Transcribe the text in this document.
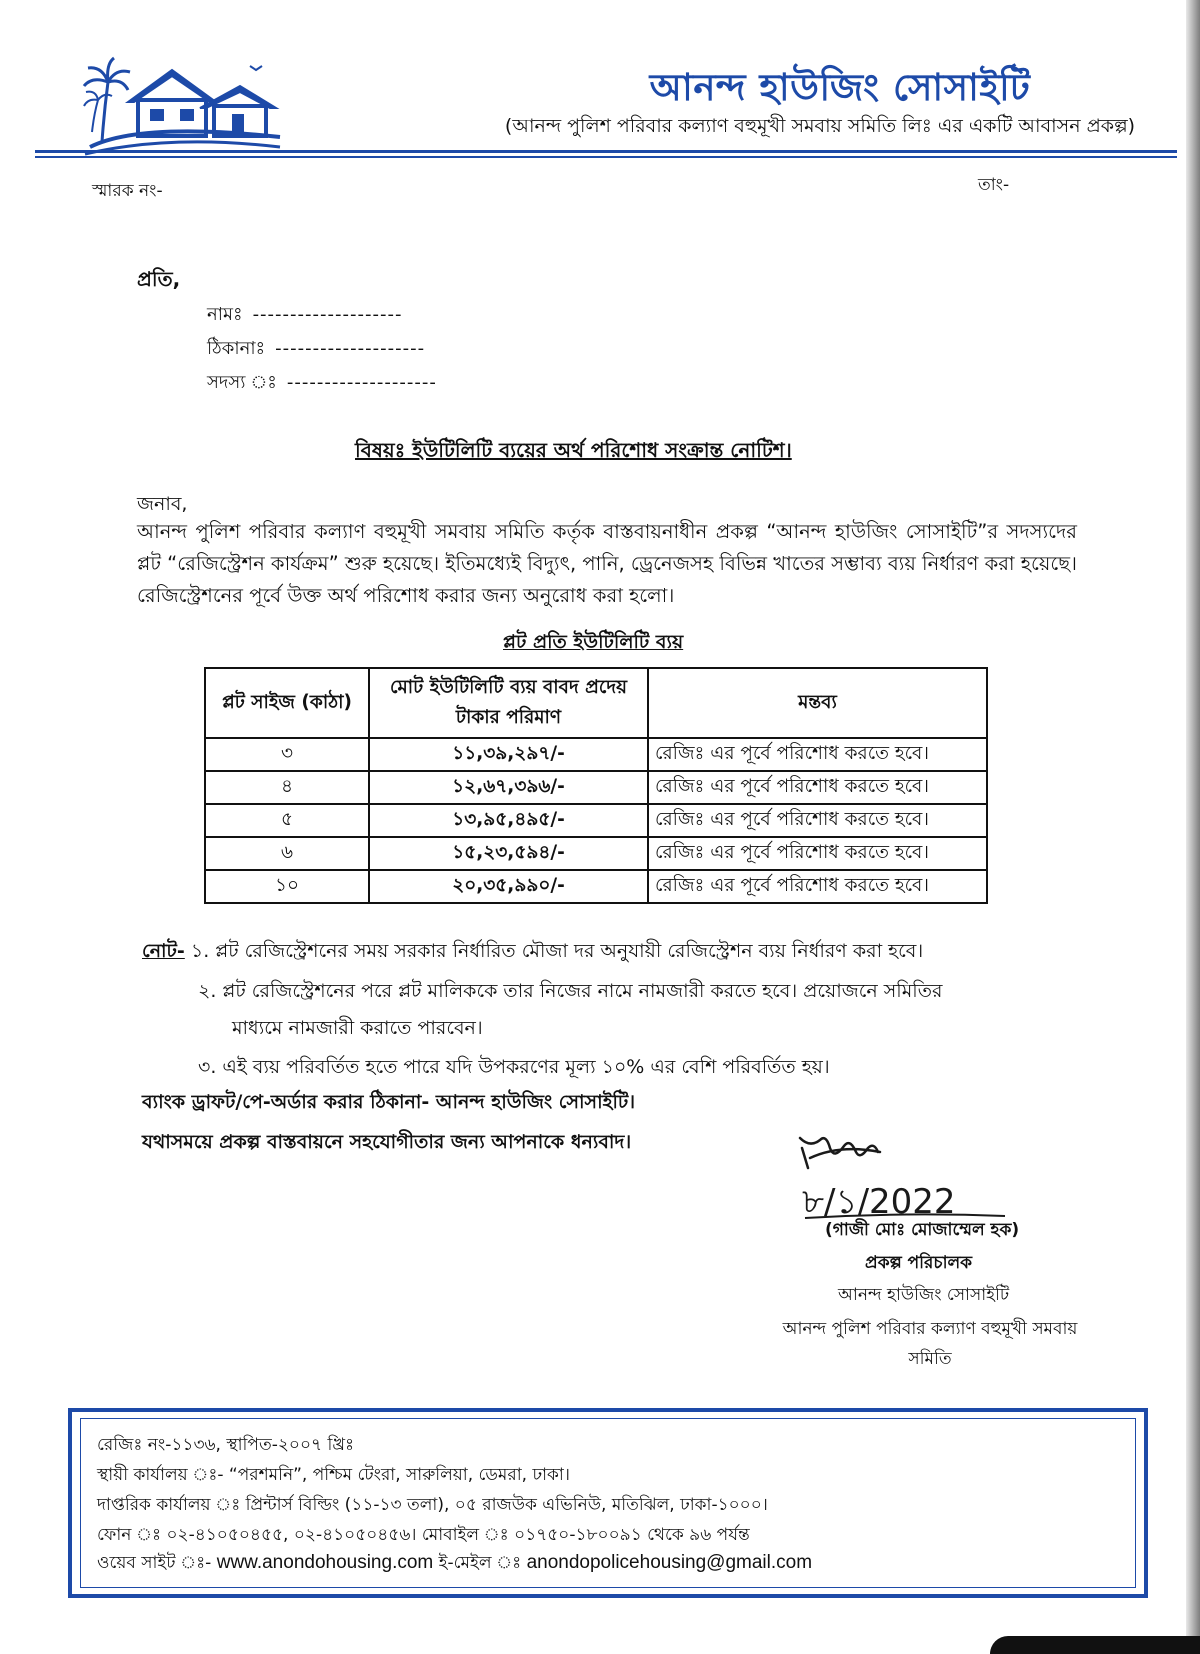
আনন্দ হাউজিং সোসাইটি
(আনন্দ পুলিশ পরিবার কল্যাণ বহুমূখী সমবায় সমিতি লিঃ এর একটি আবাসন প্রকল্প)
স্মারক নং-	তাং-
প্রতি,
নামঃ --------------------
ঠিকানাঃ --------------------
সদস্য ঃ --------------------
বিষয়ঃ ইউটিলিটি ব্যয়ের অর্থ পরিশোধ সংক্রান্ত নোটিশ।
জনাব,
আনন্দ পুলিশ পরিবার কল্যাণ বহুমূখী সমবায় সমিতি কর্তৃক বাস্তবায়নাধীন প্রকল্প “আনন্দ হাউজিং সোসাইটি”র সদস্যদের প্লট “রেজিস্ট্রেশন কার্যক্রম” শুরু হয়েছে। ইতিমধ্যেই বিদ্যুৎ, পানি, ড্রেনেজসহ বিভিন্ন খাতের সম্ভাব্য ব্যয় নির্ধারণ করা হয়েছে। রেজিস্ট্রেশনের পূর্বে উক্ত অর্থ পরিশোধ করার জন্য অনুরোধ করা হলো।
প্লট প্রতি ইউটিলিটি ব্যয়
প্লট সাইজ (কাঠা)	মোট ইউটিলিটি ব্যয় বাবদ প্রদেয় টাকার পরিমাণ	মন্তব্য
৩	১১,৩৯,২৯৭/-	রেজিঃ এর পূর্বে পরিশোধ করতে হবে।
৪	১২,৬৭,৩৯৬/-	রেজিঃ এর পূর্বে পরিশোধ করতে হবে।
৫	১৩,৯৫,৪৯৫/-	রেজিঃ এর পূর্বে পরিশোধ করতে হবে।
৬	১৫,২৩,৫৯৪/-	রেজিঃ এর পূর্বে পরিশোধ করতে হবে।
১০	২০,৩৫,৯৯০/-	রেজিঃ এর পূর্বে পরিশোধ করতে হবে।
নোট- ১. প্লট রেজিস্ট্রেশনের সময় সরকার নির্ধারিত মৌজা দর অনুযায়ী রেজিস্ট্রেশন ব্যয় নির্ধারণ করা হবে।
২. প্লট রেজিস্ট্রেশনের পরে প্লট মালিককে তার নিজের নামে নামজারী করতে হবে। প্রয়োজনে সমিতির
মাধ্যমে নামজারী করাতে পারবেন।
৩. এই ব্যয় পরিবর্তিত হতে পারে যদি উপকরণের মূল্য ১০% এর বেশি পরিবর্তিত হয়।
ব্যাংক ড্রাফট/পে-অর্ডার করার ঠিকানা- আনন্দ হাউজিং সোসাইটি।
যথাসময়ে প্রকল্প বাস্তবায়নে সহযোগীতার জন্য আপনাকে ধন্যবাদ।
৮/১/2022
(গাজী মোঃ মোজাম্মেল হক)
প্রকল্প পরিচালক
আনন্দ হাউজিং সোসাইটি
আনন্দ পুলিশ পরিবার কল্যাণ বহুমূখী সমবায় সমিতি
রেজিঃ নং-১১৩৬, স্থাপিত-২০০৭ খ্রিঃ
স্থায়ী কার্যালয় ঃ- “পরশমনি”, পশ্চিম টেংরা, সারুলিয়া, ডেমরা, ঢাকা।
দাপ্তরিক কার্যালয় ঃ প্রিন্টার্স বিল্ডিং (১১-১৩ তলা), ০৫ রাজউক এভিনিউ, মতিঝিল, ঢাকা-১০০০।
ফোন ঃ ০২-৪১০৫০৪৫৫, ০২-৪১০৫০৪৫৬। মোবাইল ঃ ০১৭৫০-১৮০০৯১ থেকে ৯৬ পর্যন্ত
ওয়েব সাইট ঃ- www.anondohousing.com ই-মেইল ঃ anondopolicehousing@gmail.com
